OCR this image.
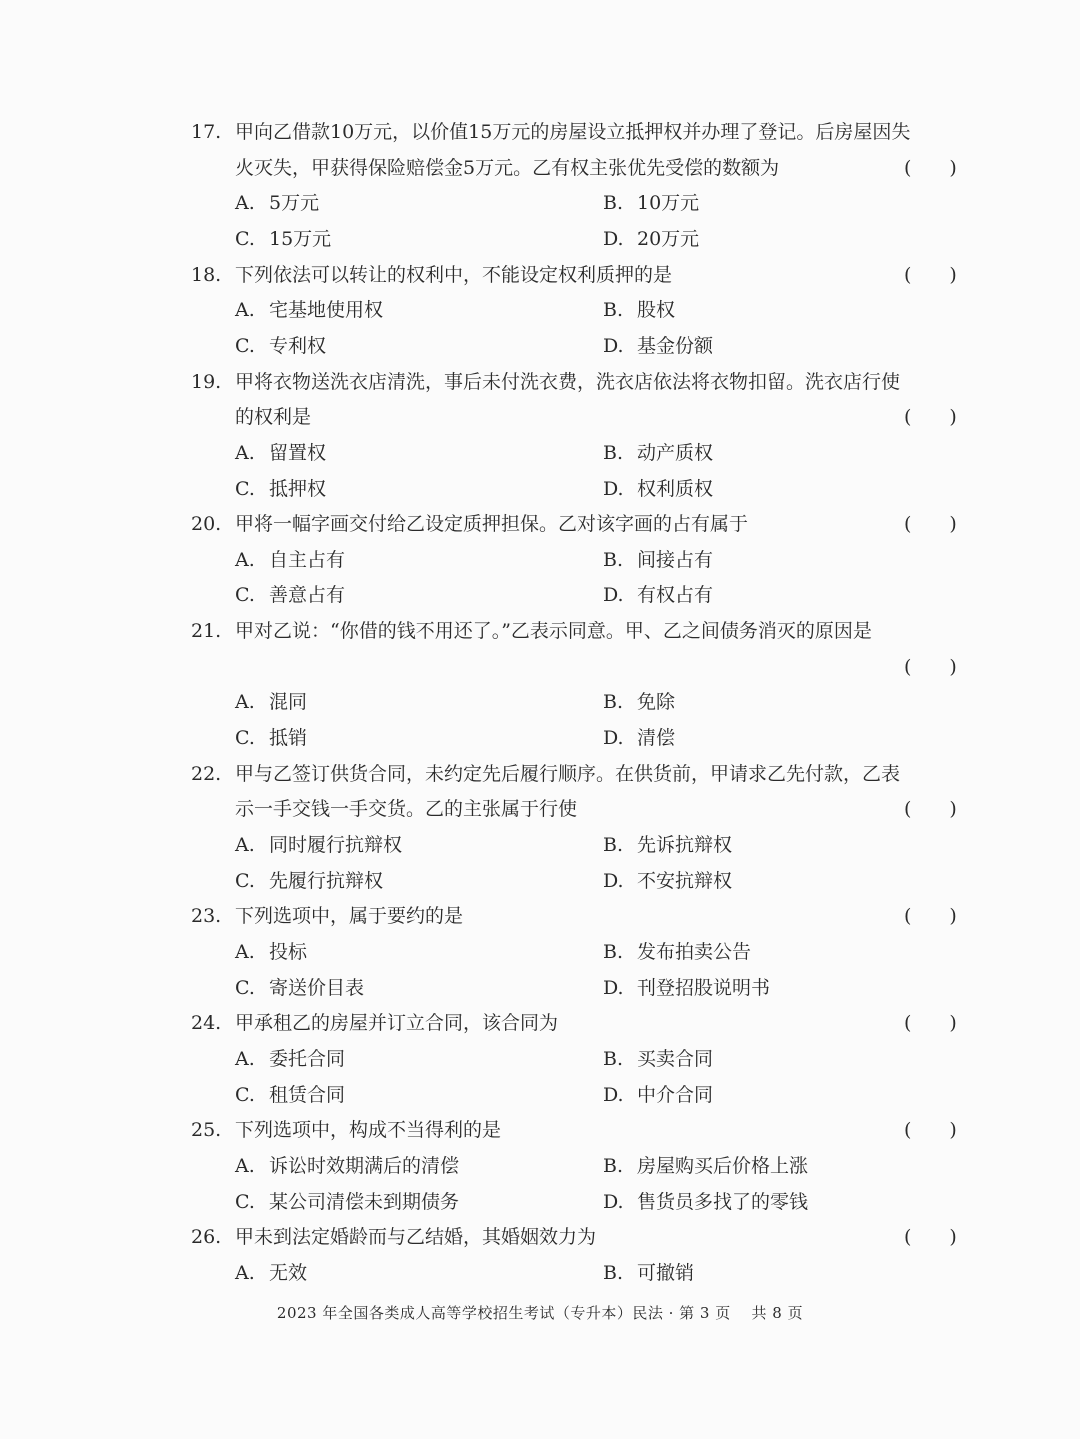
17. 甲向乙借款10万元，以价值15万元的房屋设立抵押权并办理了登记。后房屋因失
火灭失，甲获得保险赔偿金5万元。乙有权主张优先受偿的数额为	(　　)
A. 5万元	B. 10万元
C. 15万元	D. 20万元
18. 下列依法可以转让的权利中，不能设定权利质押的是	(　　)
A. 宅基地使用权	B. 股权
C. 专利权	D. 基金份额
19. 甲将衣物送洗衣店清洗，事后未付洗衣费，洗衣店依法将衣物扣留。洗衣店行使
的权利是	(　　)
A. 留置权	B. 动产质权
C. 抵押权	D. 权利质权
20. 甲将一幅字画交付给乙设定质押担保。乙对该字画的占有属于	(　　)
A. 自主占有	B. 间接占有
C. 善意占有	D. 有权占有
21. 甲对乙说：“你借的钱不用还了。”乙表示同意。甲、乙之间债务消灭的原因是
(　　)
A. 混同	B. 免除
C. 抵销	D. 清偿
22. 甲与乙签订供货合同，未约定先后履行顺序。在供货前，甲请求乙先付款，乙表
示一手交钱一手交货。乙的主张属于行使	(　　)
A. 同时履行抗辩权	B. 先诉抗辩权
C. 先履行抗辩权	D. 不安抗辩权
23. 下列选项中，属于要约的是	(　　)
A. 投标	B. 发布拍卖公告
C. 寄送价目表	D. 刊登招股说明书
24. 甲承租乙的房屋并订立合同，该合同为	(　　)
A. 委托合同	B. 买卖合同
C. 租赁合同	D. 中介合同
25. 下列选项中，构成不当得利的是	(　　)
A. 诉讼时效期满后的清偿	B. 房屋购买后价格上涨
C. 某公司清偿未到期债务	D. 售货员多找了的零钱
26. 甲未到法定婚龄而与乙结婚，其婚姻效力为	(　　)
A. 无效	B. 可撤销
2023 年全国各类成人高等学校招生考试（专升本）民法 · 第 3 页　 共 8 页
